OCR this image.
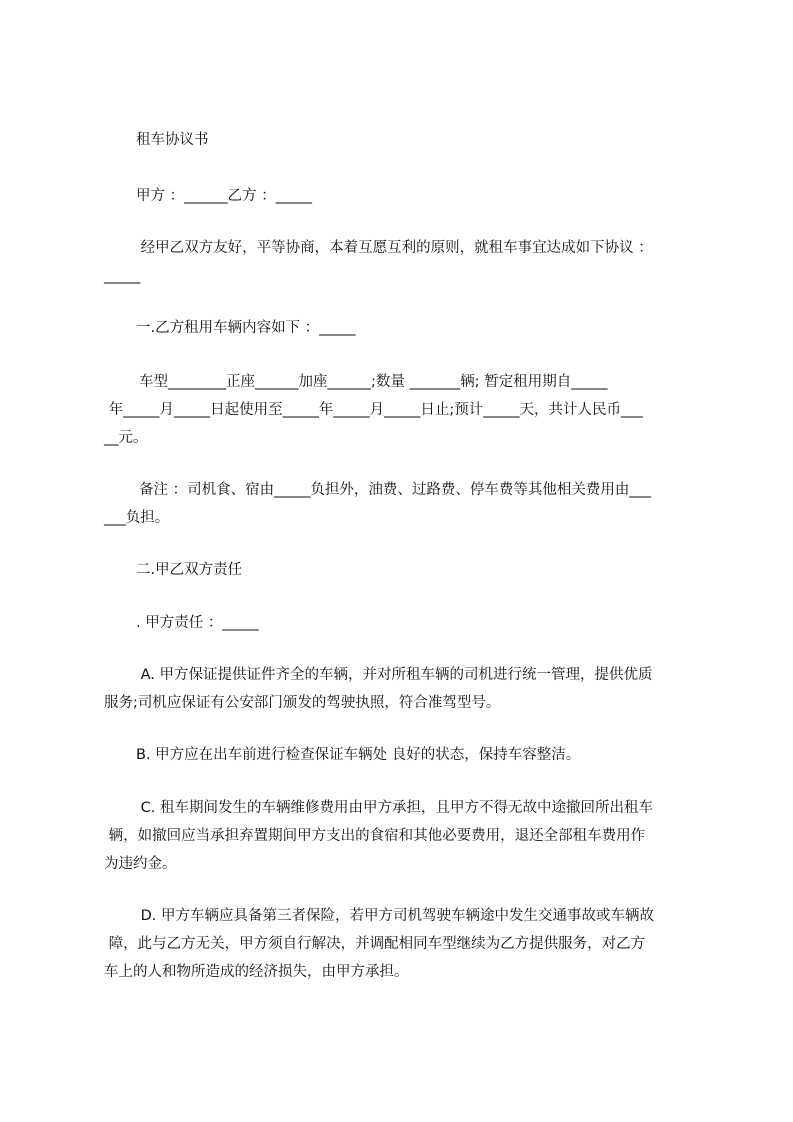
租车协议书

甲方 ：______乙方 ：_____

经甲乙双方友好，平等协商，本着互愿互利的原则，就租车事宜达成如下协议 ：

_____

一.乙方租用车辆内容如下 ：_____

车型________正座______加座______;数量 _______辆; 暂定租用期自_____

年_____月_____日起使用至_____年_____月_____日止;预计_____天，共计人民币___

__元。

备注 ：司机食、宿由_____负担外，油费、过路费、停车费等其他相关费用由___

___负担。

二.甲乙双方责任

. 甲方责任 ：_____

A. 甲方保证提供证件齐全的车辆，并对所租车辆的司机进行统一管理，提供优质

服务;司机应保证有公安部门颁发的驾驶执照，符合准驾型号。

B. 甲方应在出车前进行检查保证车辆处 良好的状态，保持车容整洁。

C. 租车期间发生的车辆维修费用由甲方承担，且甲方不得无故中途撤回所出租车

辆，如撤回应当承担弃置期间甲方支出的食宿和其他必要费用，退还全部租车费用作

为违约金。

D. 甲方车辆应具备第三者保险，若甲方司机驾驶车辆途中发生交通事故或车辆故

障，此与乙方无关，甲方须自行解决，并调配相同车型继续为乙方提供服务，对乙方

车上的人和物所造成的经济损失，由甲方承担。
